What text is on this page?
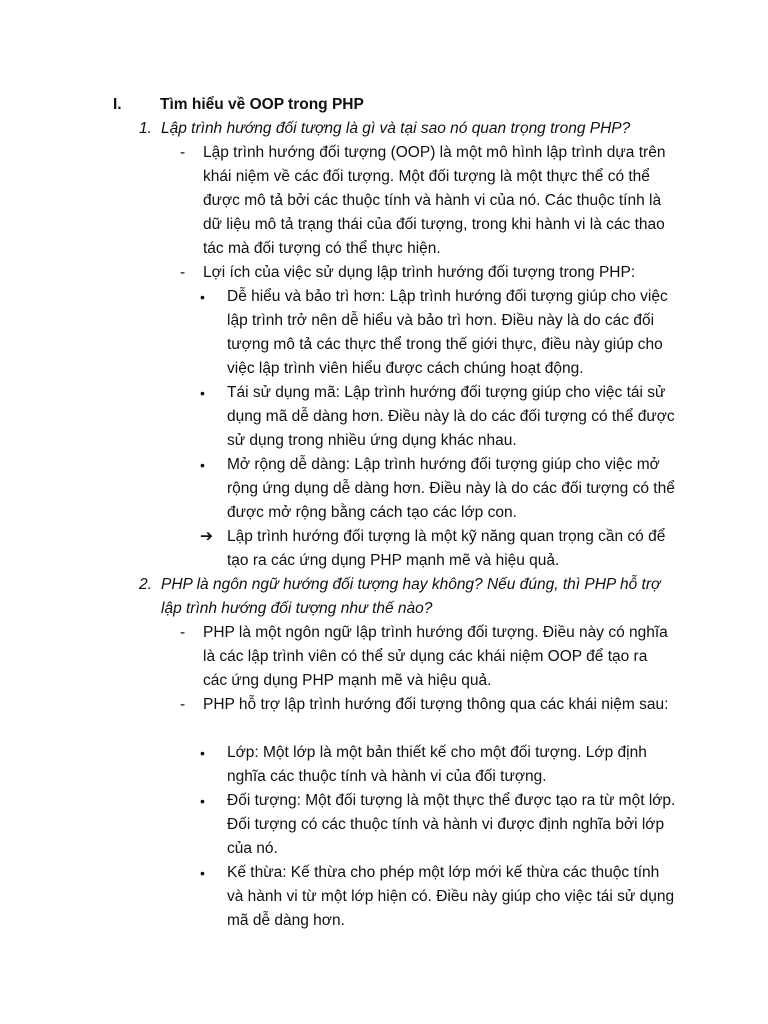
I. Tìm hiểu về OOP trong PHP
1. Lập trình hướng đối tượng là gì và tại sao nó quan trọng trong PHP?
- Lập trình hướng đối tượng (OOP) là một mô hình lập trình dựa trên khái niệm về các đối tượng. Một đối tượng là một thực thể có thể được mô tả bởi các thuộc tính và hành vi của nó. Các thuộc tính là dữ liệu mô tả trạng thái của đối tượng, trong khi hành vi là các thao tác mà đối tượng có thể thực hiện.
- Lợi ích của việc sử dụng lập trình hướng đối tượng trong PHP:
• Dễ hiểu và bảo trì hơn: Lập trình hướng đối tượng giúp cho việc lập trình trở nên dễ hiểu và bảo trì hơn. Điều này là do các đối tượng mô tả các thực thể trong thế giới thực, điều này giúp cho việc lập trình viên hiểu được cách chúng hoạt động.
• Tái sử dụng mã: Lập trình hướng đối tượng giúp cho việc tái sử dụng mã dễ dàng hơn. Điều này là do các đối tượng có thể được sử dụng trong nhiều ứng dụng khác nhau.
• Mở rộng dễ dàng: Lập trình hướng đối tượng giúp cho việc mở rộng ứng dụng dễ dàng hơn. Điều này là do các đối tượng có thể được mở rộng bằng cách tạo các lớp con.
➔ Lập trình hướng đối tượng là một kỹ năng quan trọng cần có để tạo ra các ứng dụng PHP mạnh mẽ và hiệu quả.
2. PHP là ngôn ngữ hướng đối tượng hay không? Nếu đúng, thì PHP hỗ trợ lập trình hướng đối tượng như thế nào?
- PHP là một ngôn ngữ lập trình hướng đối tượng. Điều này có nghĩa là các lập trình viên có thể sử dụng các khái niệm OOP để tạo ra các ứng dụng PHP mạnh mẽ và hiệu quả.
- PHP hỗ trợ lập trình hướng đối tượng thông qua các khái niệm sau:
• Lớp: Một lớp là một bản thiết kế cho một đối tượng. Lớp định nghĩa các thuộc tính và hành vi của đối tượng.
• Đối tượng: Một đối tượng là một thực thể được tạo ra từ một lớp. Đối tượng có các thuộc tính và hành vi được định nghĩa bởi lớp của nó.
• Kế thừa: Kế thừa cho phép một lớp mới kế thừa các thuộc tính và hành vi từ một lớp hiện có. Điều này giúp cho việc tái sử dụng mã dễ dàng hơn.
